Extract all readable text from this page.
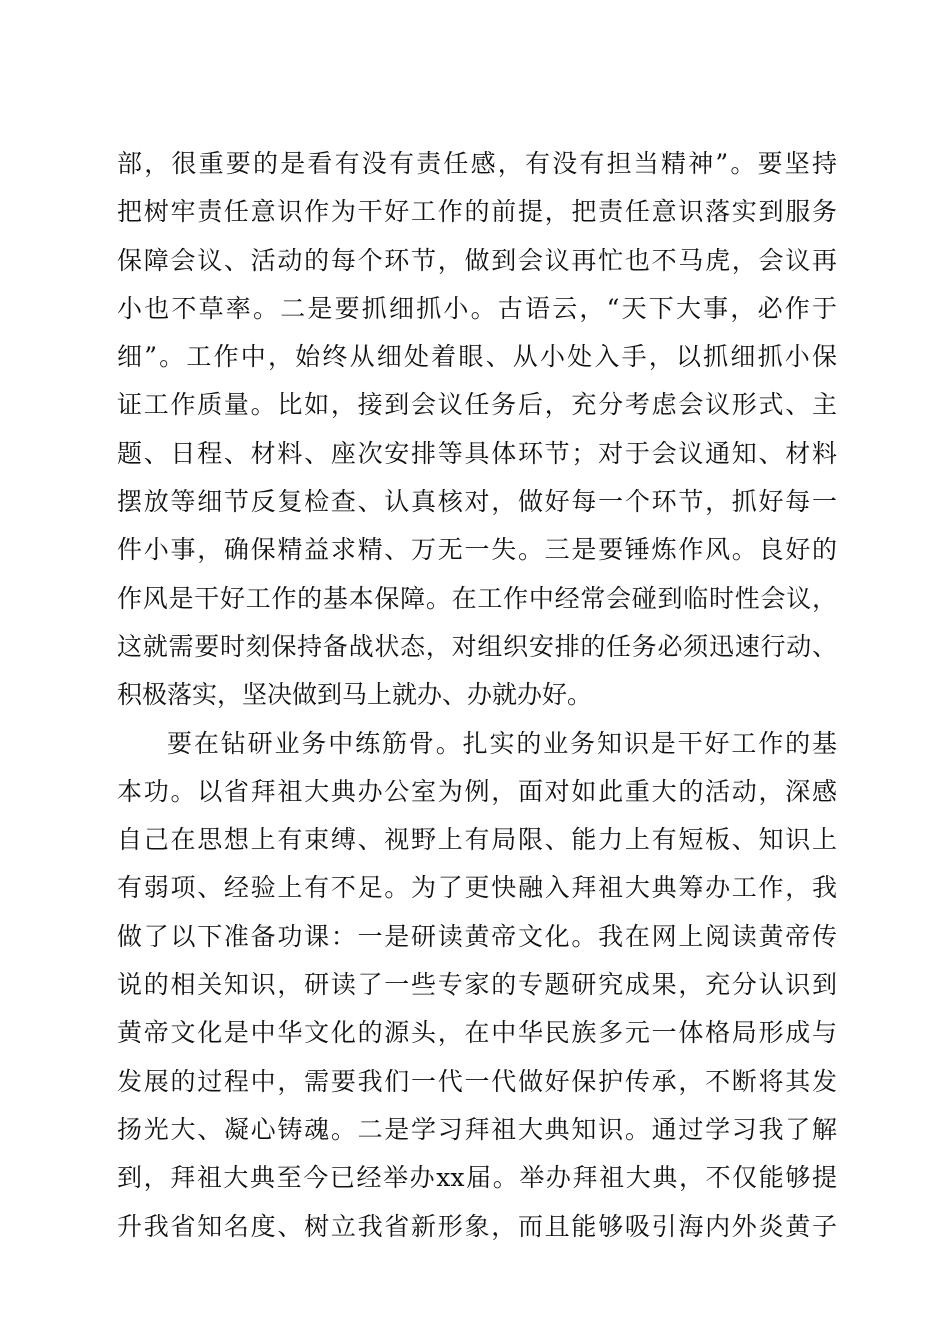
部，很重要的是看有没有责任感，有没有担当精神”。要坚持
把树牢责任意识作为干好工作的前提，把责任意识落实到服务
保障会议、活动的每个环节，做到会议再忙也不马虎，会议再
小也不草率。二是要抓细抓小。古语云，“天下大事，必作于
细”。工作中，始终从细处着眼、从小处入手，以抓细抓小保
证工作质量。比如，接到会议任务后，充分考虑会议形式、主
题、日程、材料、座次安排等具体环节；对于会议通知、材料
摆放等细节反复检查、认真核对，做好每一个环节，抓好每一
件小事，确保精益求精、万无一失。三是要锤炼作风。良好的
作风是干好工作的基本保障。在工作中经常会碰到临时性会议，
这就需要时刻保持备战状态，对组织安排的任务必须迅速行动、
积极落实，坚决做到马上就办、办就办好。
要在钻研业务中练筋骨。扎实的业务知识是干好工作的基
本功。以省拜祖大典办公室为例，面对如此重大的活动，深感
自己在思想上有束缚、视野上有局限、能力上有短板、知识上
有弱项、经验上有不足。为了更快融入拜祖大典筹办工作，我
做了以下准备功课：一是研读黄帝文化。我在网上阅读黄帝传
说的相关知识，研读了一些专家的专题研究成果，充分认识到
黄帝文化是中华文化的源头，在中华民族多元一体格局形成与
发展的过程中，需要我们一代一代做好保护传承，不断将其发
扬光大、凝心铸魂。二是学习拜祖大典知识。通过学习我了解
到，拜祖大典至今已经举办xx届。举办拜祖大典，不仅能够提
升我省知名度、树立我省新形象，而且能够吸引海内外炎黄子
